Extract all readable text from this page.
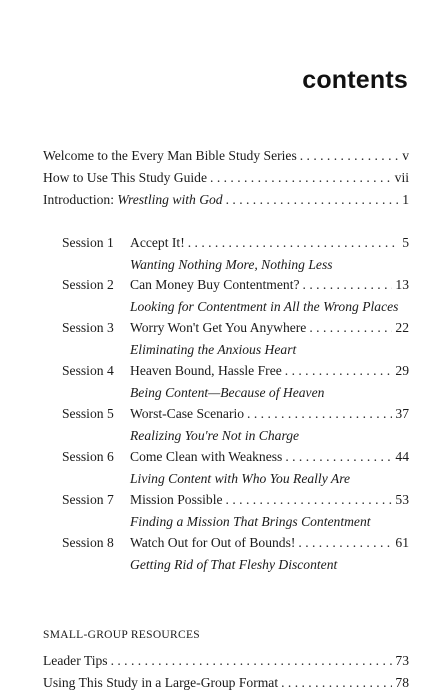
contents
Welcome to the Every Man Bible Study Series . . .	v
How to Use This Study Guide . . .	vii
Introduction: Wrestling with God . . .	1
Session 1 Accept It! . . .	5
Wanting Nothing More, Nothing Less
Session 2 Can Money Buy Contentment? . . .	13
Looking for Contentment in All the Wrong Places
Session 3 Worry Won't Get You Anywhere . . .	22
Eliminating the Anxious Heart
Session 4 Heaven Bound, Hassle Free . . .	29
Being Content—Because of Heaven
Session 5 Worst-Case Scenario . . .	37
Realizing You're Not in Charge
Session 6 Come Clean with Weakness . . .	44
Living Content with Who You Really Are
Session 7 Mission Possible . . .	53
Finding a Mission That Brings Contentment
Session 8 Watch Out for Out of Bounds! . . .	61
Getting Rid of That Fleshy Discontent
SMALL-GROUP RESOURCES
Leader Tips . . .	73
Using This Study in a Large-Group Format . . .	78
